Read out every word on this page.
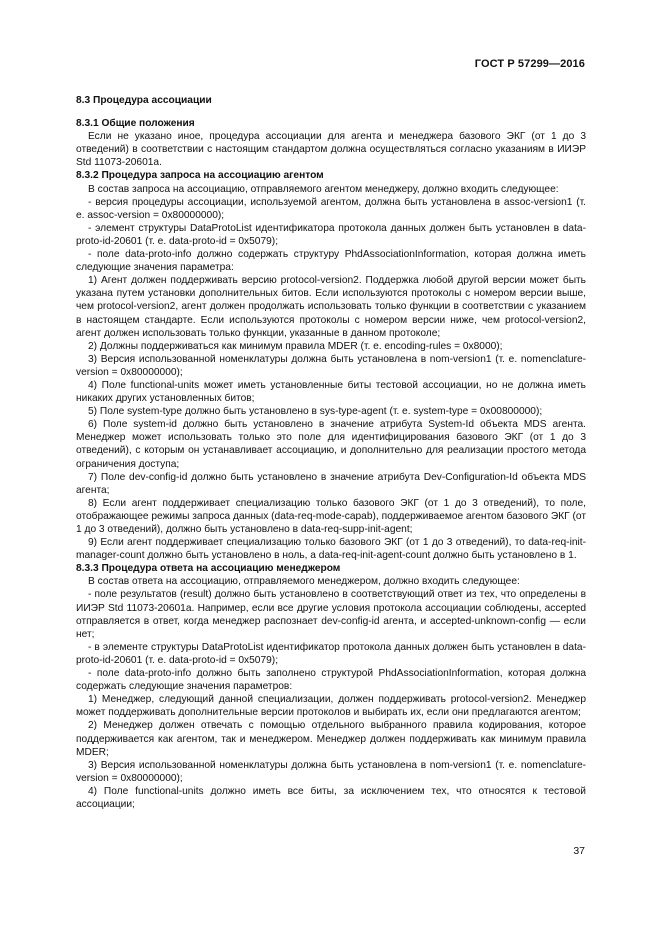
ГОСТ Р 57299—2016
8.3 Процедура ассоциации
8.3.1 Общие положения
Если не указано иное, процедура ассоциации для агента и менеджера базового ЭКГ (от 1 до 3 отведений) в соответствии с настоящим стандартом должна осуществляться согласно указаниям в ИИЭР Std 11073-20601a.
8.3.2 Процедура запроса на ассоциацию агентом
В состав запроса на ассоциацию, отправляемого агентом менеджеру, должно входить следующее:
- версия процедуры ассоциации, используемой агентом, должна быть установлена в assoc-version1 (т. е. assoc-version = 0x80000000);
- элемент структуры DataProtoList идентификатора протокола данных должен быть установлен в data-proto-id-20601 (т. е. data-proto-id = 0x5079);
- поле data-proto-info должно содержать структуру PhdAssociationInformation, которая должна иметь следующие значения параметра:
1) Агент должен поддерживать версию protocol-version2. Поддержка любой другой версии может быть указана путем установки дополнительных битов. Если используются протоколы с номером версии выше, чем protocol-version2, агент должен продолжать использовать только функции в соответствии с указанием в настоящем стандарте. Если используются протоколы с номером версии ниже, чем protocol-version2, агент должен использовать только функции, указанные в данном протоколе;
2) Должны поддерживаться как минимум правила MDER (т. е. encoding-rules = 0x8000);
3) Версия использованной номенклатуры должна быть установлена в nom-version1 (т. е. nomenclature-version = 0x80000000);
4) Поле functional-units может иметь установленные биты тестовой ассоциации, но не должна иметь никаких других установленных битов;
5) Поле system-type должно быть установлено в sys-type-agent (т. е. system-type = 0x00800000);
6) Поле system-id должно быть установлено в значение атрибута System-Id объекта MDS агента. Менеджер может использовать только это поле для идентифицирования базового ЭКГ (от 1 до 3 отведений), с которым он устанавливает ассоциацию, и дополнительно для реализации простого метода ограничения доступа;
7) Поле dev-config-id должно быть установлено в значение атрибута Dev-Configuration-Id объекта MDS агента;
8) Если агент поддерживает специализацию только базового ЭКГ (от 1 до 3 отведений), то поле, отображающее режимы запроса данных (data-req-mode-capab), поддерживаемое агентом базового ЭКГ (от 1 до 3 отведений), должно быть установлено в data-req-supp-init-agent;
9) Если агент поддерживает специализацию только базового ЭКГ (от 1 до 3 отведений), то data-req-init-manager-count должно быть установлено в ноль, а data-req-init-agent-count должно быть установлено в 1.
8.3.3 Процедура ответа на ассоциацию менеджером
В состав ответа на ассоциацию, отправляемого менеджером, должно входить следующее:
- поле результатов (result) должно быть установлено в соответствующий ответ из тех, что определены в ИИЭР Std 11073-20601a. Например, если все другие условия протокола ассоциации соблюдены, accepted отправляется в ответ, когда менеджер распознает dev-config-id агента, и accepted-unknown-config — если нет;
- в элементе структуры DataProtoList идентификатор протокола данных должен быть установлен в data-proto-id-20601 (т. е. data-proto-id = 0x5079);
- поле data-proto-info должно быть заполнено структурой PhdAssociationInformation, которая должна содержать следующие значения параметров:
1) Менеджер, следующий данной специализации, должен поддерживать protocol-version2. Менеджер может поддерживать дополнительные версии протоколов и выбирать их, если они предлагаются агентом;
2) Менеджер должен отвечать с помощью отдельного выбранного правила кодирования, которое поддерживается как агентом, так и менеджером. Менеджер должен поддерживать как минимум правила MDER;
3) Версия использованной номенклатуры должна быть установлена в nom-version1 (т. е. nomenclature-version = 0x80000000);
4) Поле functional-units должно иметь все биты, за исключением тех, что относятся к тестовой ассоциации;
37
